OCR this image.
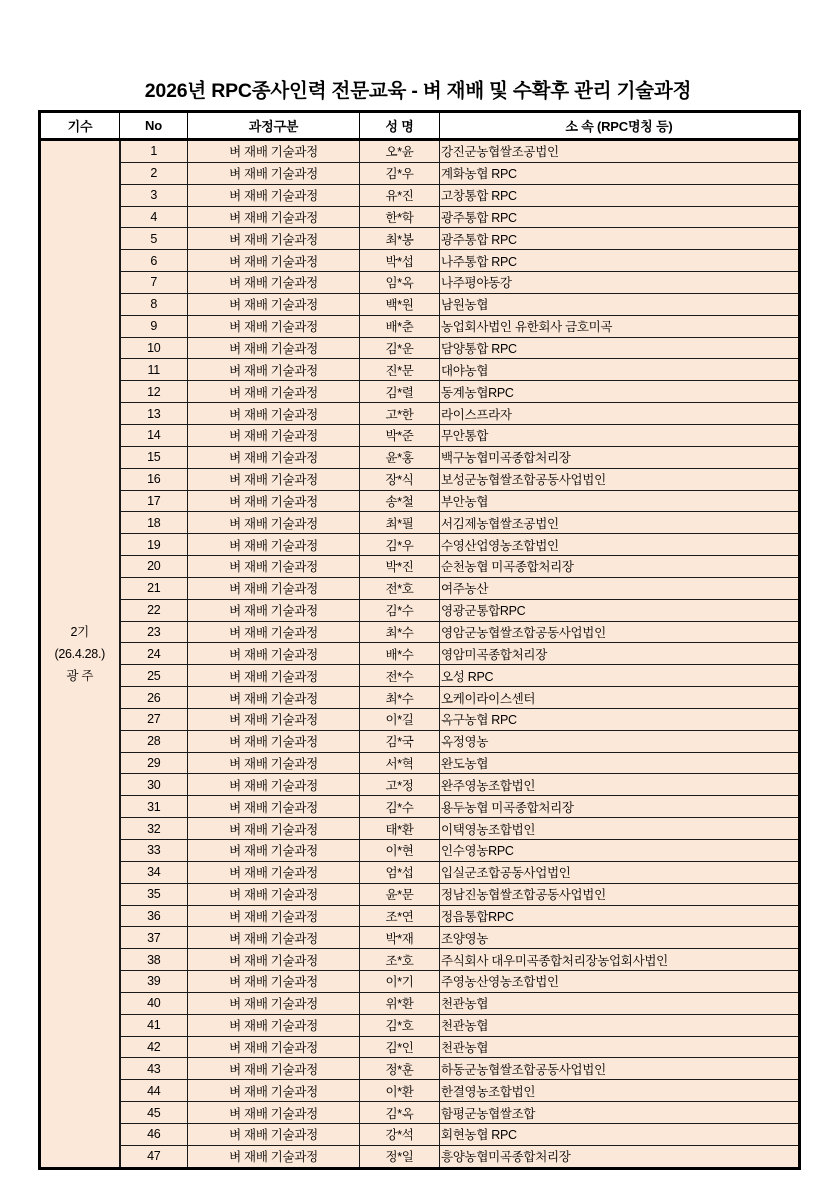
2026년 RPC종사인력 전문교육 - 벼 재배 및 수확후 관리 기술과정
기수	No	과정구분	성 명	소 속 (RPC명칭 등)

2기
(26.4.28.)
광 주	1	벼 재배 기술과정	오*윤	강진군농협쌀조공법인
	2	벼 재배 기술과정	김*우	계화농협 RPC
	3	벼 재배 기술과정	유*진	고창통합 RPC
	4	벼 재배 기술과정	한*학	광주통합 RPC
	5	벼 재배 기술과정	최*봉	광주통합 RPC
	6	벼 재배 기술과정	박*섭	나주통합 RPC
	7	벼 재배 기술과정	임*옥	나주평야동강
	8	벼 재배 기술과정	백*원	남원농협
	9	벼 재배 기술과정	배*춘	농업회사법인 유한회사 금호미곡
	10	벼 재배 기술과정	김*운	담양통합 RPC
	11	벼 재배 기술과정	진*문	대야농협
	12	벼 재배 기술과정	김*렬	동계농협RPC
	13	벼 재배 기술과정	고*한	라이스프라자
	14	벼 재배 기술과정	박*준	무안통합
	15	벼 재배 기술과정	윤*홍	백구농협미곡종합처리장
	16	벼 재배 기술과정	장*식	보성군농협쌀조합공동사업법인
	17	벼 재배 기술과정	송*철	부안농협
	18	벼 재배 기술과정	최*필	서김제농협쌀조공법인
	19	벼 재배 기술과정	김*우	수영산업영농조합법인
	20	벼 재배 기술과정	박*진	순천농협 미곡종합처리장
	21	벼 재배 기술과정	전*호	여주농산
	22	벼 재배 기술과정	김*수	영광군통합RPC
	23	벼 재배 기술과정	최*수	영암군농협쌀조합공동사업법인
	24	벼 재배 기술과정	배*수	영암미곡종합처리장
	25	벼 재배 기술과정	전*수	오성 RPC
	26	벼 재배 기술과정	최*수	오케이라이스센터
	27	벼 재배 기술과정	이*길	옥구농협 RPC
	28	벼 재배 기술과정	김*국	옥정영농
	29	벼 재배 기술과정	서*혁	완도농협
	30	벼 재배 기술과정	고*정	완주영농조합법인
	31	벼 재배 기술과정	김*수	용두농협 미곡종합처리장
	32	벼 재배 기술과정	태*환	이택영농조합법인
	33	벼 재배 기술과정	이*현	인수영농RPC
	34	벼 재배 기술과정	엄*섭	입실군조합공동사업법인
	35	벼 재배 기술과정	윤*문	정남진농협쌀조합공동사업법인
	36	벼 재배 기술과정	조*연	정읍통합RPC
	37	벼 재배 기술과정	박*재	조양영농
	38	벼 재배 기술과정	조*호	주식회사 대우미곡종합처리장농업회사법인
	39	벼 재배 기술과정	이*기	주영농산영농조합법인
	40	벼 재배 기술과정	위*환	천관농협
	41	벼 재배 기술과정	김*호	천관농협
	42	벼 재배 기술과정	김*인	천관농협
	43	벼 재배 기술과정	정*훈	하동군농협쌀조합공동사업법인
	44	벼 재배 기술과정	이*환	한결영농조합법인
	45	벼 재배 기술과정	김*옥	함평군농협쌀조합
	46	벼 재배 기술과정	강*석	회현농협 RPC
	47	벼 재배 기술과정	정*일	흥양농협미곡종합처리장
